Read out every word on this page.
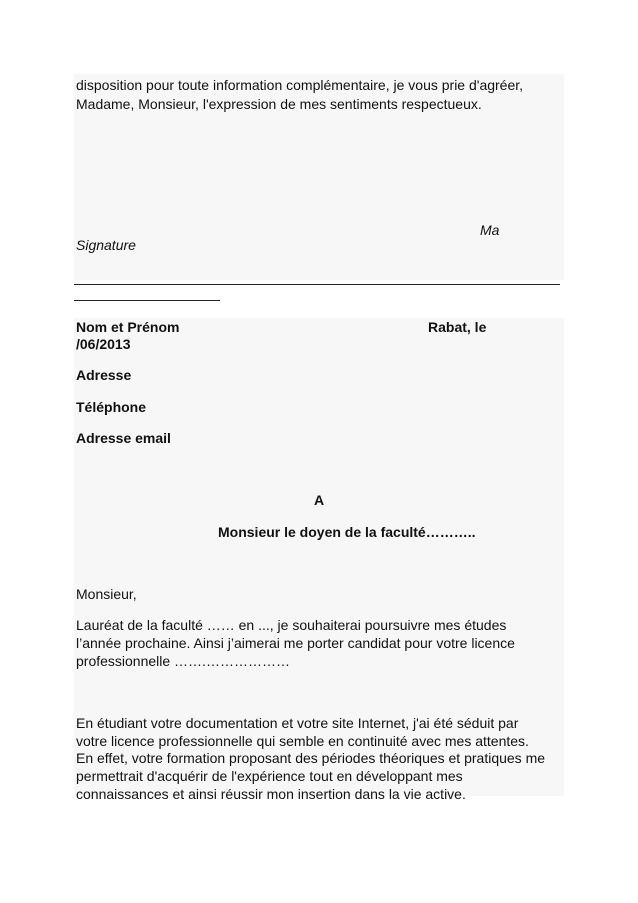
disposition pour toute information complémentaire, je vous prie d'agréer,
Madame, Monsieur, l'expression de mes sentiments respectueux.
Ma
Signature
Nom et Prénom	Rabat, le
/06/2013
Adresse
Téléphone
Adresse email
A
Monsieur le doyen de la faculté………..
Monsieur,
Lauréat de la faculté …… en ..., je souhaiterai poursuivre mes études
l’année prochaine. Ainsi j’aimerai me porter candidat pour votre licence
professionnelle …….………………
En étudiant votre documentation et votre site Internet, j'ai été séduit par
votre licence professionnelle qui semble en continuité avec mes attentes.
En effet, votre formation proposant des périodes théoriques et pratiques me
permettrait d'acquérir de l'expérience tout en développant mes
connaissances et ainsi réussir mon insertion dans la vie active.
